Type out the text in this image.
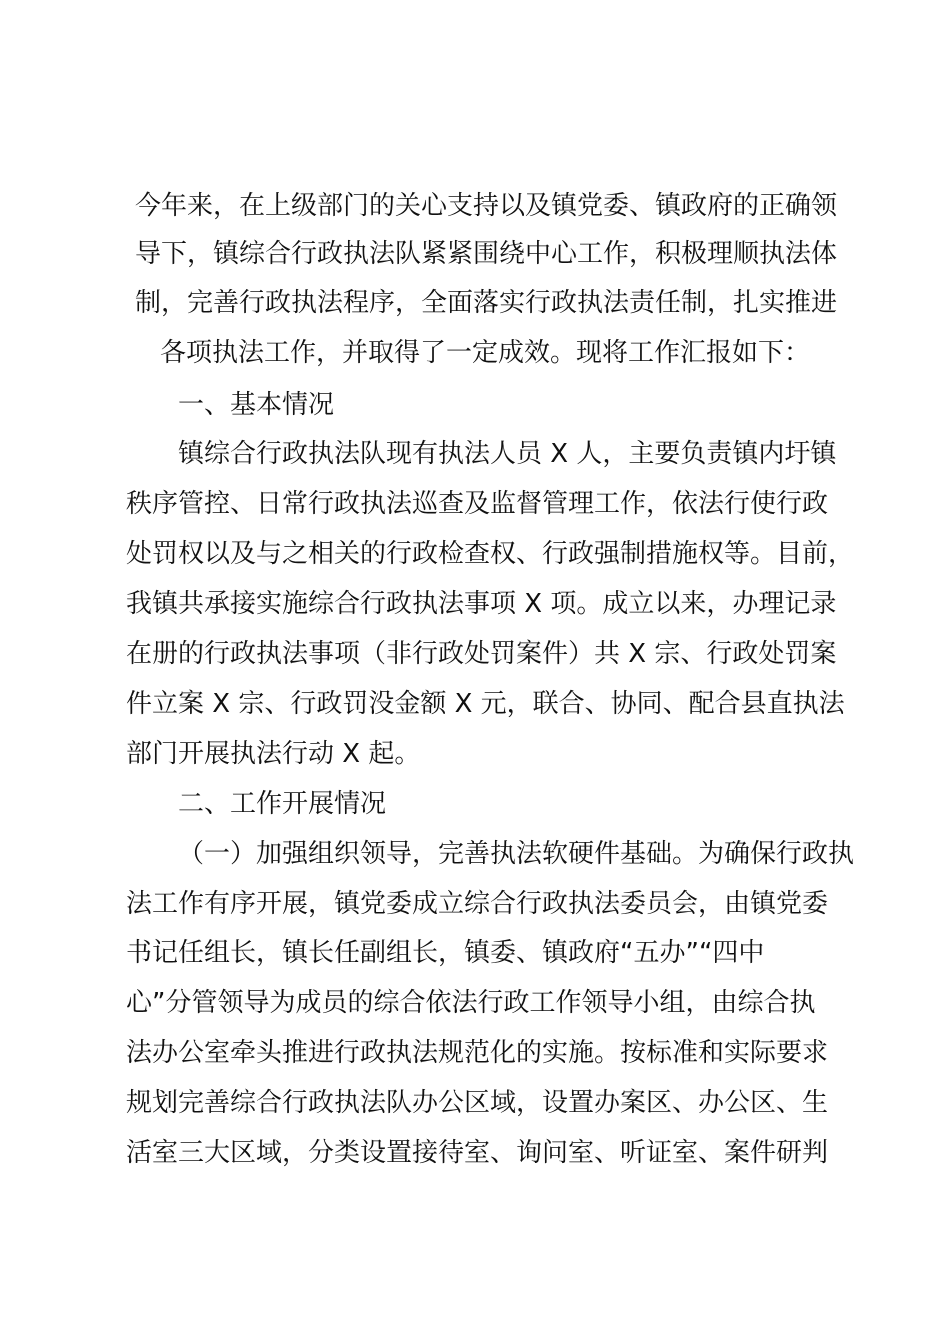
今年来，在上级部门的关心支持以及镇党委、镇政府的正确领
导下，镇综合行政执法队紧紧围绕中心工作，积极理顺执法体
制，完善行政执法程序，全面落实行政执法责任制，扎实推进
各项执法工作，并取得了一定成效。现将工作汇报如下：
一、基本情况
镇综合行政执法队现有执法人员 X 人，主要负责镇内圩镇
秩序管控、日常行政执法巡查及监督管理工作，依法行使行政
处罚权以及与之相关的行政检查权、行政强制措施权等。目前，
我镇共承接实施综合行政执法事项 X 项。成立以来，办理记录
在册的行政执法事项（非行政处罚案件）共 X 宗、行政处罚案
件立案 X 宗、行政罚没金额 X 元，联合、协同、配合县直执法
部门开展执法行动 X 起。
二、工作开展情况
（一）加强组织领导，完善执法软硬件基础。为确保行政执
法工作有序开展，镇党委成立综合行政执法委员会，由镇党委
书记任组长，镇长任副组长，镇委、镇政府“五办”“四中
心”分管领导为成员的综合依法行政工作领导小组，由综合执
法办公室牵头推进行政执法规范化的实施。按标准和实际要求
规划完善综合行政执法队办公区域，设置办案区、办公区、生
活室三大区域，分类设置接待室、询问室、听证室、案件研判
